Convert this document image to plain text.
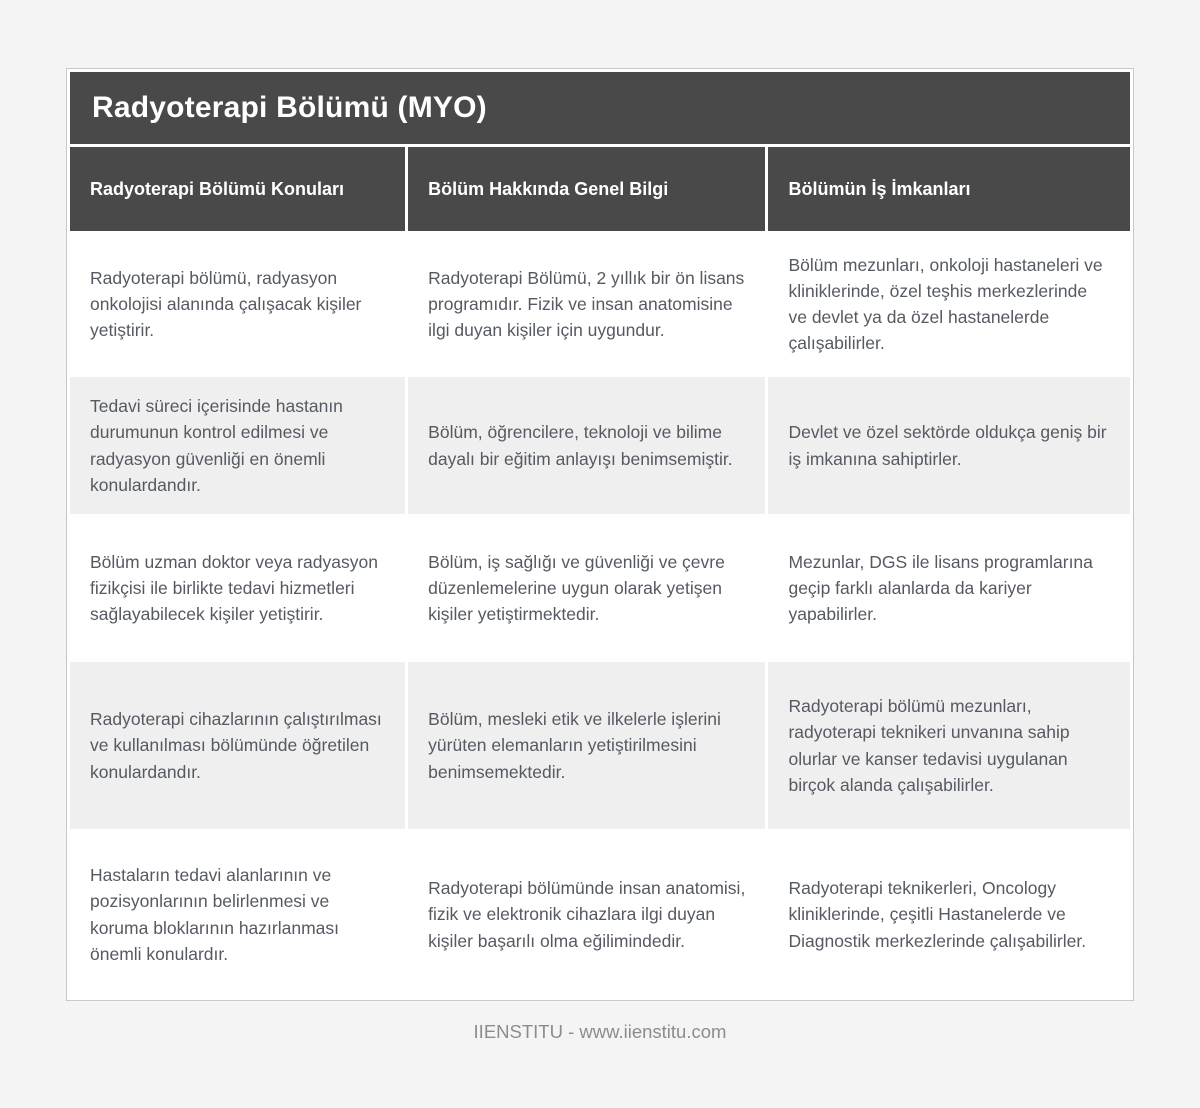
Radyoterapi Bölümü (MYO)		
Radyoterapi Bölümü Konuları	Bölüm Hakkında Genel Bilgi	Bölümün İş İmkanları
Radyoterapi bölümü, radyasyon onkolojisi alanında çalışacak kişiler yetiştirir.	Radyoterapi Bölümü, 2 yıllık bir ön lisans programıdır. Fizik ve insan anatomisine ilgi duyan kişiler için uygundur.	Bölüm mezunları, onkoloji hastaneleri ve kliniklerinde, özel teşhis merkezlerinde ve devlet ya da özel hastanelerde çalışabilirler.
Tedavi süreci içerisinde hastanın durumunun kontrol edilmesi ve radyasyon güvenliği en önemli konulardandır.	Bölüm, öğrencilere, teknoloji ve bilime dayalı bir eğitim anlayışı benimsemiştir.	Devlet ve özel sektörde oldukça geniş bir iş imkanına sahiptirler.
Bölüm uzman doktor veya radyasyon fizikçisi ile birlikte tedavi hizmetleri sağlayabilecek kişiler yetiştirir.	Bölüm, iş sağlığı ve güvenliği ve çevre düzenlemelerine uygun olarak yetişen kişiler yetiştirmektedir.	Mezunlar, DGS ile lisans programlarına geçip farklı alanlarda da kariyer yapabilirler.
Radyoterapi cihazlarının çalıştırılması ve kullanılması bölümünde öğretilen konulardandır.	Bölüm, mesleki etik ve ilkelerle işlerini yürüten elemanların yetiştirilmesini benimsemektedir.	Radyoterapi bölümü mezunları, radyoterapi teknikeri unvanına sahip olurlar ve kanser tedavisi uygulanan birçok alanda çalışabilirler.
Hastaların tedavi alanlarının ve pozisyonlarının belirlenmesi ve koruma bloklarının hazırlanması önemli konulardır.	Radyoterapi bölümünde insan anatomisi, fizik ve elektronik cihazlara ilgi duyan kişiler başarılı olma eğilimindedir.	Radyoterapi teknikerleri, Oncology kliniklerinde, çeşitli Hastanelerde ve Diagnostik merkezlerinde çalışabilirler.
IIENSTITU - www.iienstitu.com
